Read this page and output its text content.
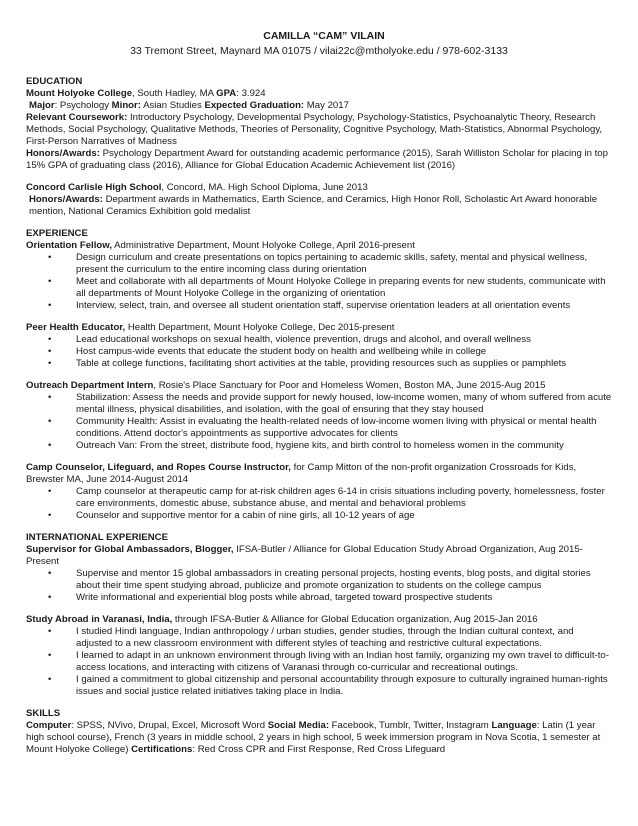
CAMILLA “CAM” VILAIN
33 Tremont Street, Maynard MA 01075 / vilai22c@mtholyoke.edu / 978-602-3133
EDUCATION
Mount Holyoke College, South Hadley, MA GPA: 3.924
Major: Psychology Minor: Asian Studies Expected Graduation: May 2017
Relevant Coursework: Introductory Psychology, Developmental Psychology, Psychology-Statistics, Psychoanalytic Theory, Research Methods, Social Psychology, Qualitative Methods, Theories of Personality, Cognitive Psychology, Math-Statistics, Abnormal Psychology, First-Person Narratives of Madness
Honors/Awards: Psychology Department Award for outstanding academic performance (2015), Sarah Williston Scholar for placing in top 15% GPA of graduating class (2016), Alliance for Global Education Academic Achievement list (2016)
Concord Carlisle High School, Concord, MA. High School Diploma, June 2013
Honors/Awards: Department awards in Mathematics, Earth Science, and Ceramics, High Honor Roll, Scholastic Art Award honorable mention, National Ceramics Exhibition gold medalist
EXPERIENCE
Orientation Fellow, Administrative Department, Mount Holyoke College, April 2016-present
•	Design curriculum and create presentations on topics pertaining to academic skills, safety, mental and physical wellness, present the curriculum to the entire incoming class during orientation
•	Meet and collaborate with all departments of Mount Holyoke College in preparing events for new students, communicate with all departments of Mount Holyoke College in the organizing of orientation
•	Interview, select, train, and oversee all student orientation staff, supervise orientation leaders at all orientation events
Peer Health Educator, Health Department, Mount Holyoke College, Dec 2015-present
•	Lead educational workshops on sexual health, violence prevention, drugs and alcohol, and overall wellness
•	Host campus-wide events that educate the student body on health and wellbeing while in college
•	Table at college functions, facilitating short activities at the table, providing resources such as supplies or pamphlets
Outreach Department Intern, Rosie's Place Sanctuary for Poor and Homeless Women, Boston MA, June 2015-Aug 2015
•	Stabilization: Assess the needs and provide support for newly housed, low-income women, many of whom suffered from acute mental illness, physical disabilities, and isolation, with the goal of ensuring that they stay housed
•	Community Health: Assist in evaluating the health-related needs of low-income women living with physical or mental health conditions. Attend doctor's appointments as supportive advocates for clients
•	Outreach Van: From the street, distribute food, hygiene kits, and birth control to homeless women in the community
Camp Counselor, Lifeguard, and Ropes Course Instructor, for Camp Mitton of the non-profit organization Crossroads for Kids, Brewster MA, June 2014-August 2014
•	Camp counselor at therapeutic camp for at-risk children ages 6-14 in crisis situations including poverty, homelessness, foster care environments, domestic abuse, substance abuse, and mental and behavioral problems
•	Counselor and supportive mentor for a cabin of nine girls, all 10-12 years of age
INTERNATIONAL EXPERIENCE
Supervisor for Global Ambassadors, Blogger, IFSA-Butler / Alliance for Global Education Study Abroad Organization, Aug 2015-Present
•	Supervise and mentor 15 global ambassadors in creating personal projects, hosting events, blog posts, and digital stories about their time spent studying abroad, publicize and promote organization to students on the college campus
•	Write informational and experiential blog posts while abroad, targeted toward prospective students
Study Abroad in Varanasi, India, through IFSA-Butler & Alliance for Global Education organization, Aug 2015-Jan 2016
•	I studied Hindi language, Indian anthropology / urban studies, gender studies, through the Indian cultural context, and adjusted to a new classroom environment with different styles of teaching and restrictive cultural expectations.
•	I learned to adapt in an unknown environment through living with an Indian host family, organizing my own travel to difficult-to-access locations, and interacting with citizens of Varanasi through co-curricular and recreational outings.
•	I gained a commitment to global citizenship and personal accountability through exposure to culturally ingrained human-rights issues and social justice related initiatives taking place in India.
SKILLS
Computer: SPSS, NVivo, Drupal, Excel, Microsoft Word Social Media: Facebook, Tumblr, Twitter, Instagram Language: Latin (1 year high school course), French (3 years in middle school, 2 years in high school, 5 week immersion program in Nova Scotia, 1 semester at Mount Holyoke College) Certifications: Red Cross CPR and First Response, Red Cross Lifeguard
